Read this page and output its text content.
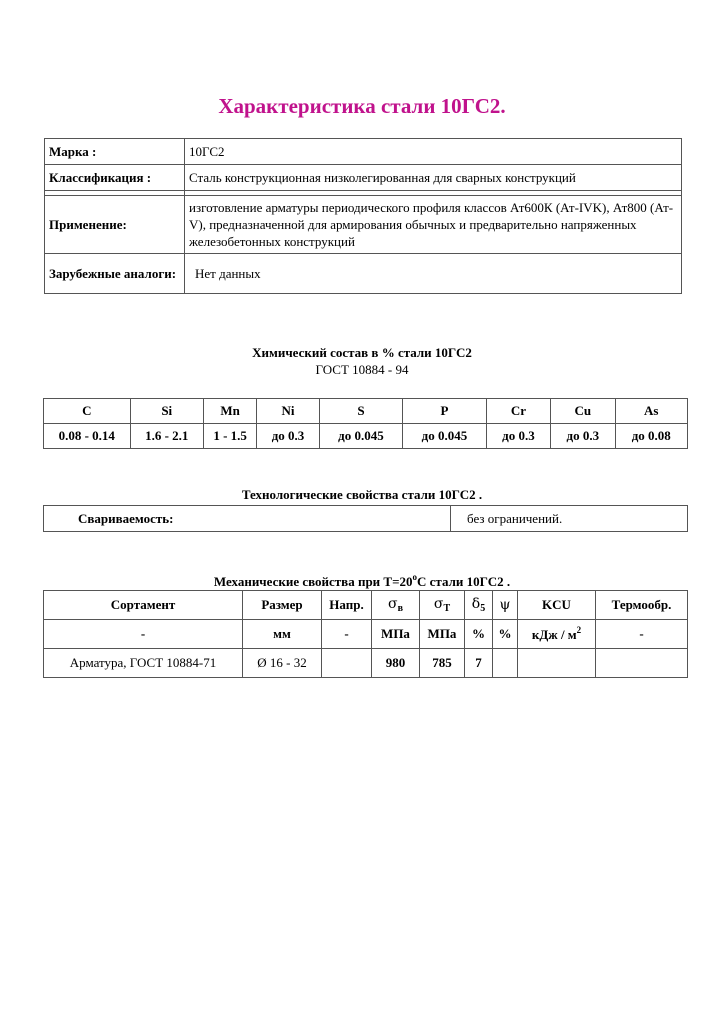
Характеристика стали 10ГС2.
Марка :	10ГС2
Классификация :	Сталь конструкционная низколегированная для сварных конструкций

Применение:	изготовление арматуры периодического профиля классов Ат600К (Ат-IVK), Ат800 (Ат-V), предназначенной для армирования обычных и предварительно напряженных железобетонных конструкций
Зарубежные аналоги:	Нет данных
Химический состав в % стали 10ГС2
ГОСТ 10884 - 94
C	Si	Mn	Ni	S	P	Cr	Cu	As
0.08 - 0.14	1.6 - 2.1	1 - 1.5	до 0.3	до 0.045	до 0.045	до 0.3	до 0.3	до 0.08
Технологические свойства стали 10ГС2 .
Свариваемость:	без ограничений.
Механические свойства при $Т=20^oС$ стали 10ГС2 .
Сортамент	Размер	Напр.	$\sigma_в$	$\sigma_T$	$\delta_5$	ψ	KCU	Термообр.
-	мм	-	МПа	МПа	%	%	кДж / $м^2$	-
Арматура, ГОСТ 10884-71	Ø 16 - 32		980	785	7			
